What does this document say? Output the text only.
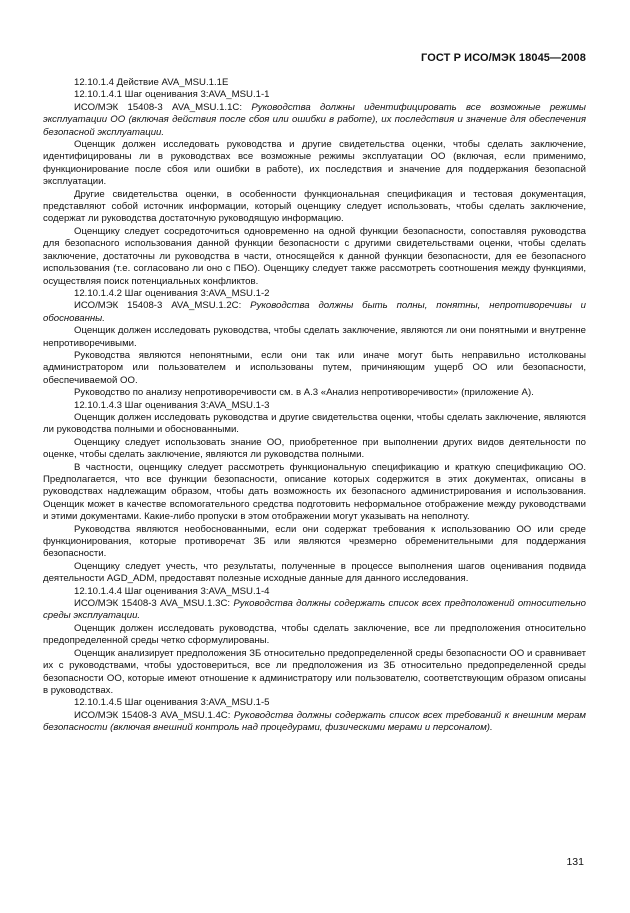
ГОСТ Р ИСО/МЭК 18045—2008

12.10.1.4 Действие AVA_MSU.1.1E

12.10.1.4.1 Шаг оценивания 3:AVA_MSU.1-1

ИСО/МЭК 15408-3 AVA_MSU.1.1С: Руководства должны идентифицировать все возможные режимы эксплуатации ОО (включая действия после сбоя или ошибки в работе), их последствия и значение для обеспечения безопасной эксплуатации.

Оценщик должен исследовать руководства и другие свидетельства оценки, чтобы сделать заключение, идентифицированы ли в руководствах все возможные режимы эксплуатации ОО (включая, если применимо, функционирование после сбоя или ошибки в работе), их последствия и значение для поддержания безопасной эксплуатации.

Другие свидетельства оценки, в особенности функциональная спецификация и тестовая документация, представляют собой источник информации, который оценщику следует использовать, чтобы сделать заключение, содержат ли руководства достаточную руководящую информацию.

Оценщику следует сосредоточиться одновременно на одной функции безопасности, сопоставляя руководства для безопасного использования данной функции безопасности с другими свидетельствами оценки, чтобы сделать заключение, достаточны ли руководства в части, относящейся к данной функции безопасности, для ее безопасного использования (т.е. согласовано ли оно с ПБО). Оценщику следует также рассмотреть соотношения между функциями, осуществляя поиск потенциальных конфликтов.

12.10.1.4.2 Шаг оценивания 3:AVA_MSU.1-2

ИСО/МЭК 15408-3 AVA_MSU.1.2С: Руководства должны быть полны, понятны, непротиворечивы и обоснованны.

Оценщик должен исследовать руководства, чтобы сделать заключение, являются ли они понятными и внутренне непротиворечивыми.

Руководства являются непонятными, если они так или иначе могут быть неправильно истолкованы администратором или пользователем и использованы путем, причиняющим ущерб ОО или безопасности, обеспечиваемой ОО.

Руководство по анализу непротиворечивости см. в А.3 «Анализ непротиворечивости» (приложение А).

12.10.1.4.3 Шаг оценивания 3:AVA_MSU.1-3

Оценщик должен исследовать руководства и другие свидетельства оценки, чтобы сделать заключение, являются ли руководства полными и обоснованными.

Оценщику следует использовать знание ОО, приобретенное при выполнении других видов деятельности по оценке, чтобы сделать заключение, являются ли руководства полными.

В частности, оценщику следует рассмотреть функциональную спецификацию и краткую спецификацию ОО. Предполагается, что все функции безопасности, описание которых содержится в этих документах, описаны в руководствах надлежащим образом, чтобы дать возможность их безопасного администрирования и использования. Оценщик может в качестве вспомогательного средства подготовить неформальное отображение между руководствами и этими документами. Какие-либо пропуски в этом отображении могут указывать на неполноту.

Руководства являются необоснованными, если они содержат требования к использованию ОО или среде функционирования, которые противоречат ЗБ или являются чрезмерно обременительными для поддержания безопасности.

Оценщику следует учесть, что результаты, полученные в процессе выполнения шагов оценивания подвида деятельности AGD_ADM, предоставят полезные исходные данные для данного исследования.

12.10.1.4.4 Шаг оценивания 3:AVA_MSU.1-4

ИСО/МЭК 15408-3 AVA_MSU.1.3С: Руководства должны содержать список всех предположений относительно среды эксплуатации.

Оценщик должен исследовать руководства, чтобы сделать заключение, все ли предположения относительно предопределенной среды четко сформулированы.

Оценщик анализирует предположения ЗБ относительно предопределенной среды безопасности ОО и сравнивает их с руководствами, чтобы удостовериться, все ли предположения из ЗБ относительно предопределенной среды безопасности ОО, которые имеют отношение к администратору или пользователю, соответствующим образом описаны в руководствах.

12.10.1.4.5 Шаг оценивания 3:AVA_MSU.1-5

ИСО/МЭК 15408-3 AVA_MSU.1.4С: Руководства должны содержать список всех требований к внешним мерам безопасности (включая внешний контроль над процедурами, физическими мерами и персоналом).

131
